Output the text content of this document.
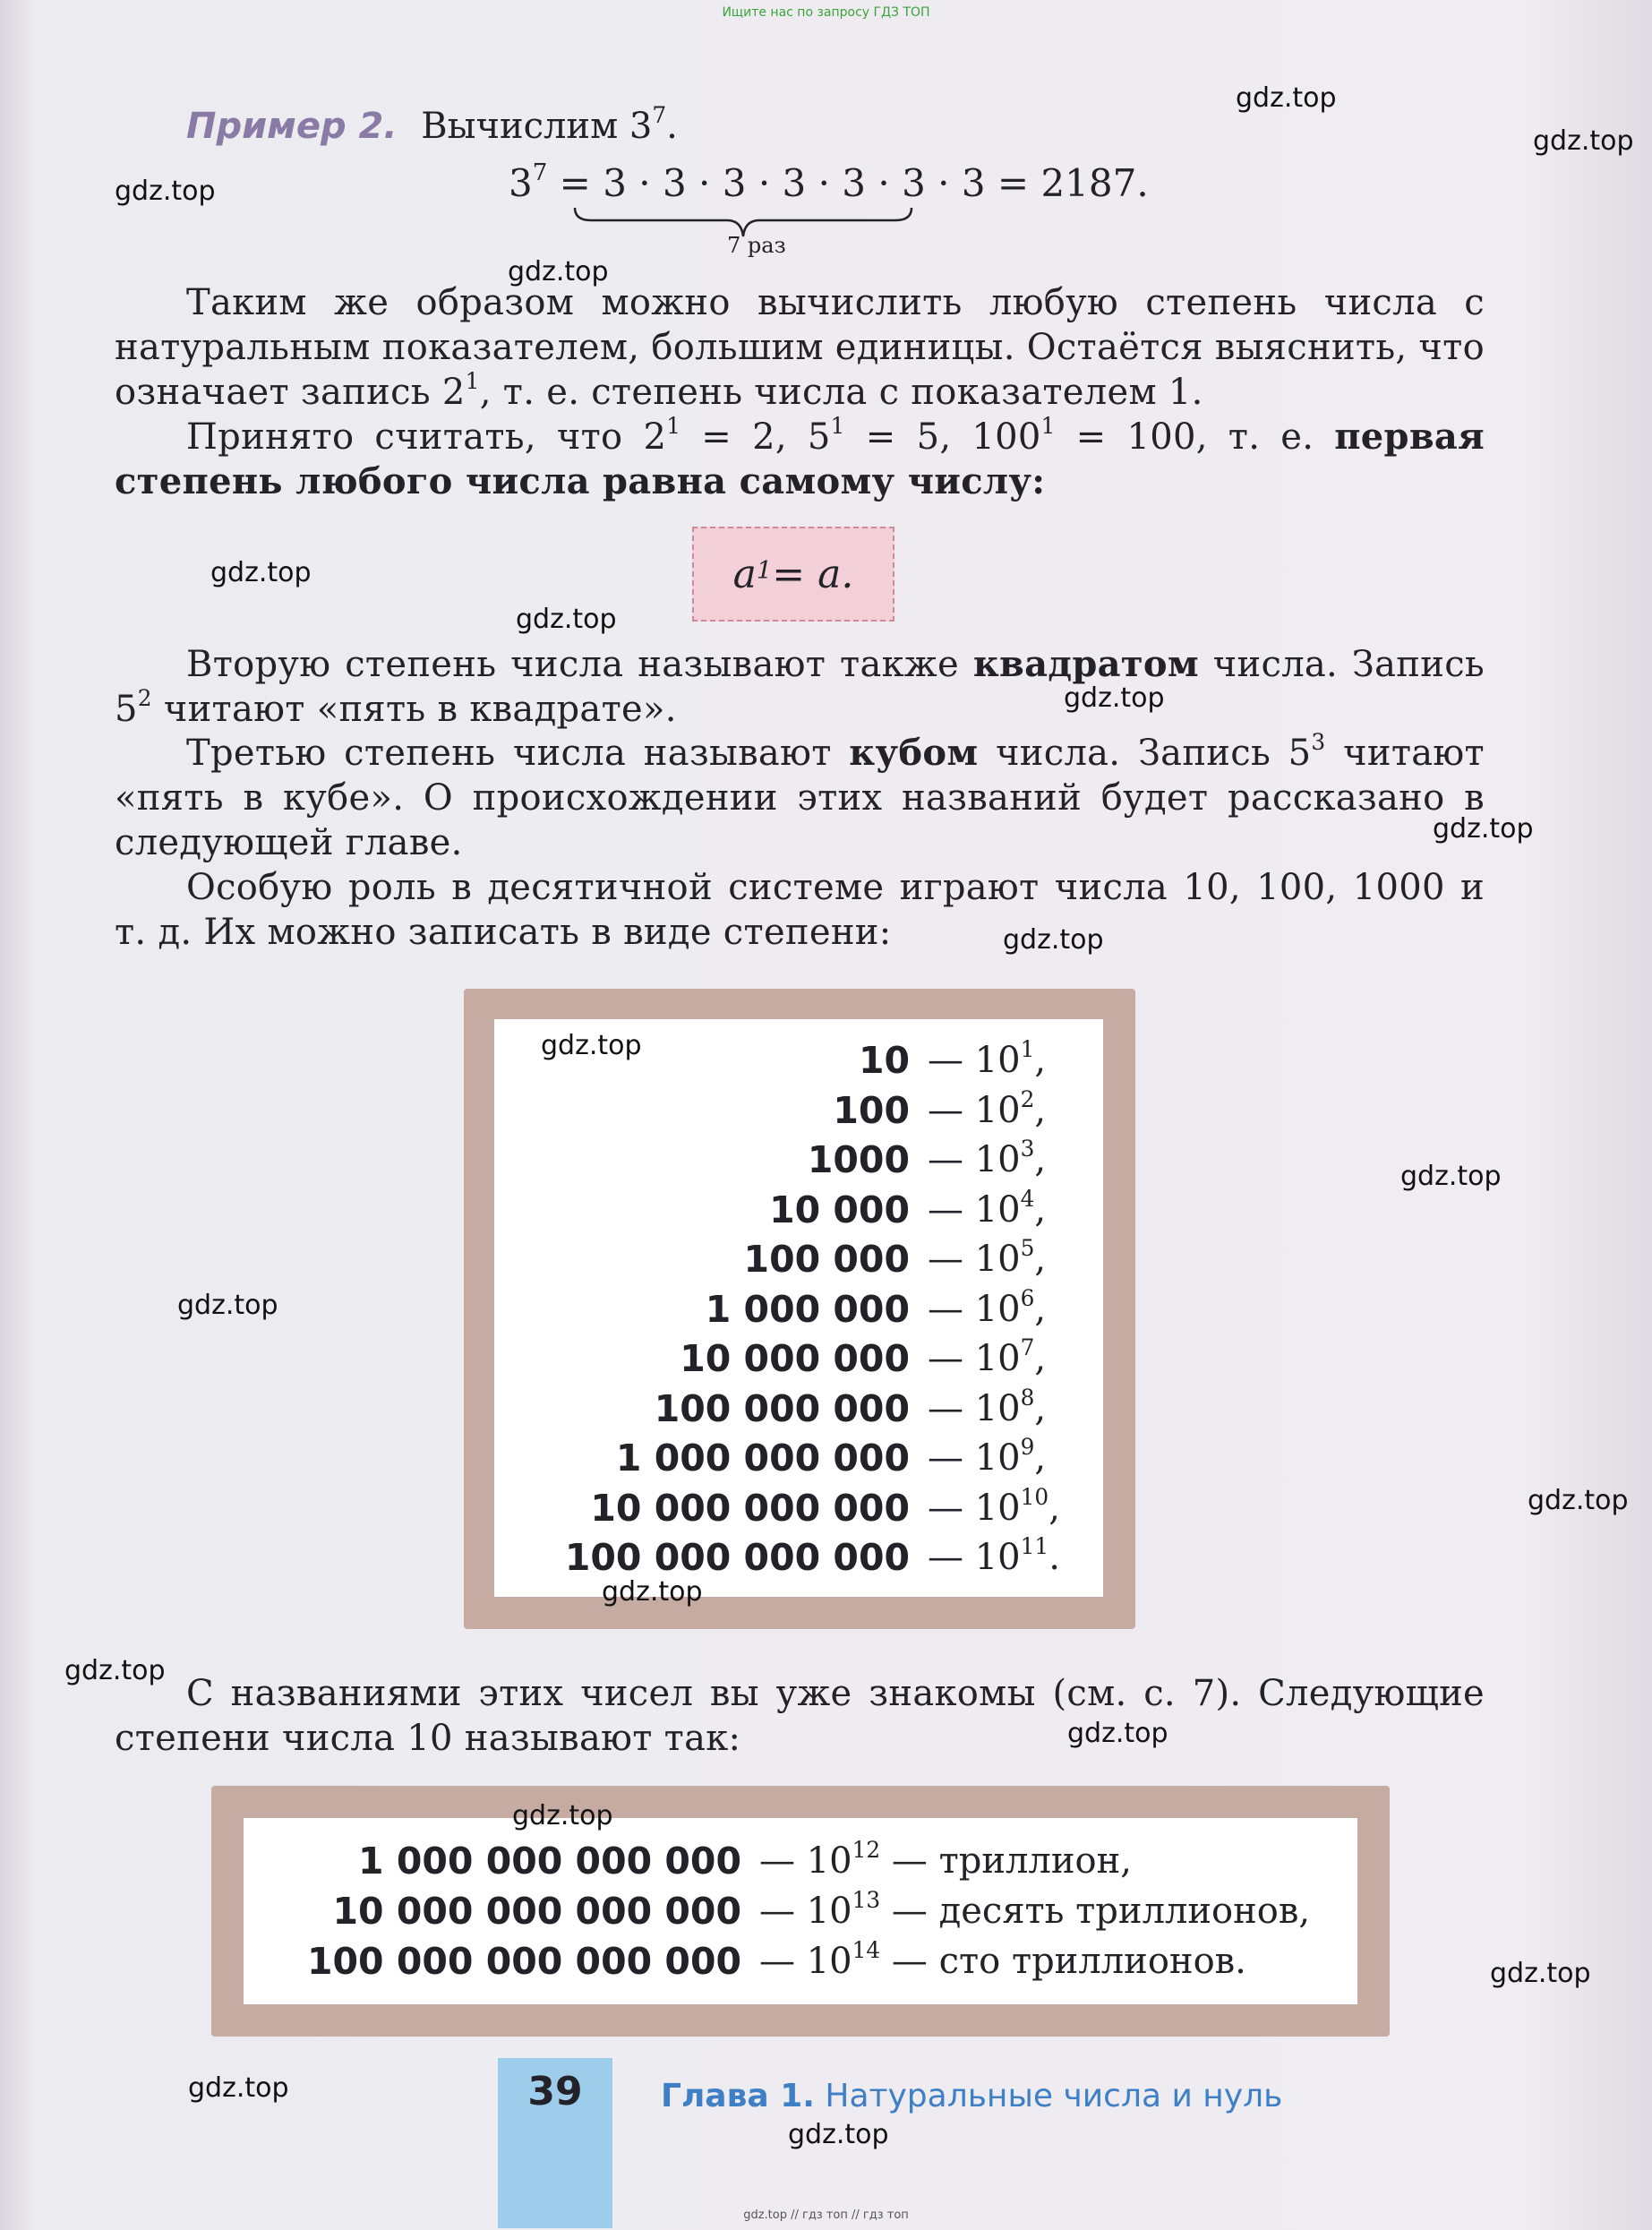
Ищите нас по запросу ГДЗ ТОП
Пример 2. Вычислим $3^7$.
$3^7 = 3 \cdot 3 \cdot 3 \cdot 3 \cdot 3 \cdot 3 \cdot 3 = 2187$.
7 раз
Таким же образом можно вычислить любую степень числа с натуральным показателем, большим единицы. Остаётся выяснить, что означает запись $2^1$, т. е. степень числа с показателем 1.
Принято считать, что $2^1 = 2$, $5^1 = 5$, $100^1 = 100$, т. е. первая степень любого числа равна самому числу:
$a^1 = a$.
Вторую степень числа называют также квадратом числа. Запись $5^2$ читают «пять в квадрате».
Третью степень числа называют кубом числа. Запись $5^3$ читают «пять в кубе». О происхождении этих названий будет рассказано в следующей главе.
Особую роль в десятичной системе играют числа 10, 100, 1000 и т. д. Их можно записать в виде степени:
10 — $10^1$,
100 — $10^2$,
1000 — $10^3$,
10 000 — $10^4$,
100 000 — $10^5$,
1 000 000 — $10^6$,
10 000 000 — $10^7$,
100 000 000 — $10^8$,
1 000 000 000 — $10^9$,
10 000 000 000 — $10^{10}$,
100 000 000 000 — $10^{11}$.
С названиями этих чисел вы уже знакомы (см. с. 7). Следующие степени числа 10 называют так:
1 000 000 000 000 — $10^{12}$ — триллион,
10 000 000 000 000 — $10^{13}$ — десять триллионов,
100 000 000 000 000 — $10^{14}$ — сто триллионов.
39	Глава 1. Натуральные числа и нуль
gdz.top // гдз топ // гдз топ
gdz.top
gdz.top
gdz.top
gdz.top
gdz.top
gdz.top
gdz.top
gdz.top
gdz.top
gdz.top
gdz.top
gdz.top
gdz.top
gdz.top
gdz.top
gdz.top
gdz.top
gdz.top
gdz.top
gdz.top
